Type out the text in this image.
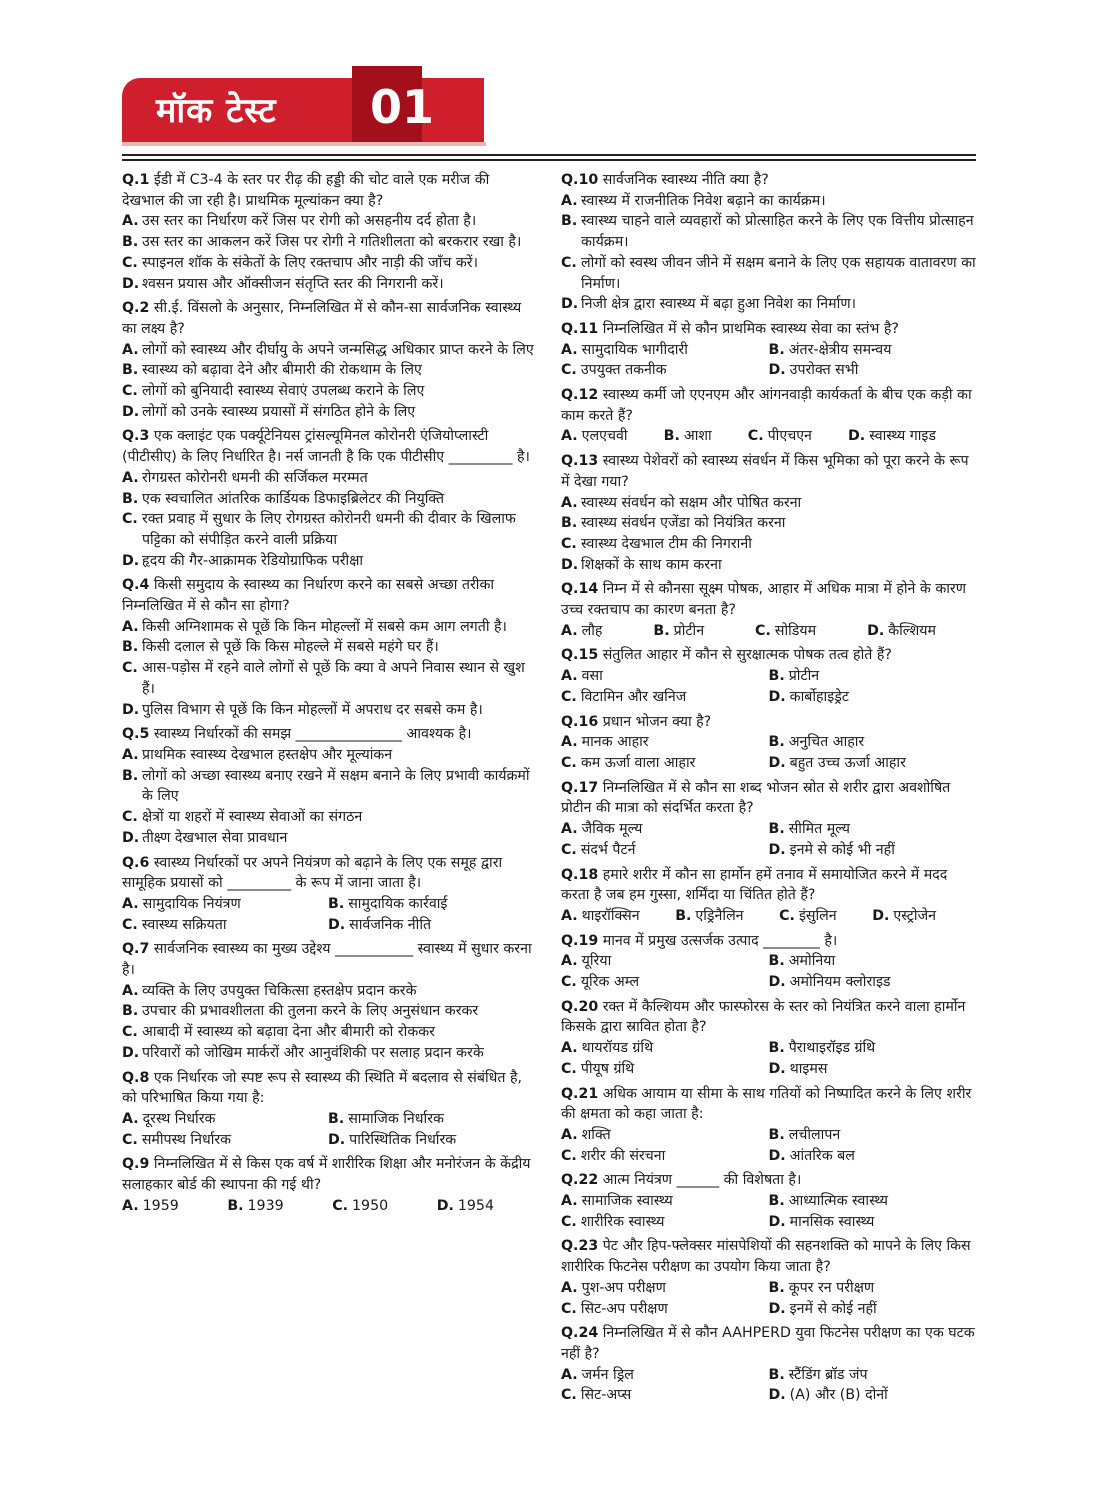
मॉक टेस्ट 01

Q.1 ईडी में C3-4 के स्तर पर रीढ़ की हड्डी की चोट वाले एक मरीज की देखभाल की जा रही है। प्राथमिक मूल्यांकन क्या है?

A. उस स्तर का निर्धारण करें जिस पर रोगी को असहनीय दर्द होता है।

B. उस स्तर का आकलन करें जिस पर रोगी ने गतिशीलता को बरकरार रखा है।

C. स्पाइनल शॉक के संकेतों के लिए रक्तचाप और नाड़ी की जाँच करें।

D. श्वसन प्रयास और ऑक्सीजन संतृप्ति स्तर की निगरानी करें।

Q.2 सी.ई. विंसलो के अनुसार, निम्नलिखित में से कौन-सा सार्वजनिक स्वास्थ्य का लक्ष्य है?

A. लोगों को स्वास्थ्य और दीर्घायु के अपने जन्मसिद्ध अधिकार प्राप्त करने के लिए

B. स्वास्थ्य को बढ़ावा देने और बीमारी की रोकथाम के लिए

C. लोगों को बुनियादी स्वास्थ्य सेवाएं उपलब्ध कराने के लिए

D. लोगों को उनके स्वास्थ्य प्रयासों में संगठित होने के लिए

Q.3 एक क्लाइंट एक पर्क्यूटेनियस ट्रांसल्यूमिनल कोरोनरी एंजियोप्लास्टी (पीटीसीए) के लिए निर्धारित है। नर्स जानती है कि एक पीटीसीए _________ है।

A. रोगग्रस्त कोरोनरी धमनी की सर्जिकल मरम्मत

B. एक स्वचालित आंतरिक कार्डियक डिफाइब्रिलेटर की नियुक्ति

C. रक्त प्रवाह में सुधार के लिए रोगग्रस्त कोरोनरी धमनी की दीवार के खिलाफ पट्टिका को संपीड़ित करने वाली प्रक्रिया

D. हृदय की गैर-आक्रामक रेडियोग्राफिक परीक्षा

Q.4 किसी समुदाय के स्वास्थ्य का निर्धारण करने का सबसे अच्छा तरीका निम्नलिखित में से कौन सा होगा?

A. किसी अग्निशामक से पूछें कि किन मोहल्लों में सबसे कम आग लगती है।

B. किसी दलाल से पूछें कि किस मोहल्ले में सबसे महंगे घर हैं।

C. आस-पड़ोस में रहने वाले लोगों से पूछें कि क्या वे अपने निवास स्थान से खुश हैं।

D. पुलिस विभाग से पूछें कि किन मोहल्लों में अपराध दर सबसे कम है।

Q.5 स्वास्थ्य निर्धारकों की समझ _______________ आवश्यक है।

A. प्राथमिक स्वास्थ्य देखभाल हस्तक्षेप और मूल्यांकन

B. लोगों को अच्छा स्वास्थ्य बनाए रखने में सक्षम बनाने के लिए प्रभावी कार्यक्रमों के लिए

C. क्षेत्रों या शहरों में स्वास्थ्य सेवाओं का संगठन

D. तीक्ष्ण देखभाल सेवा प्रावधान

Q.6 स्वास्थ्य निर्धारकों पर अपने नियंत्रण को बढ़ाने के लिए एक समूह द्वारा सामूहिक प्रयासों को _________ के रूप में जाना जाता है।

A. सामुदायिक नियंत्रण	B. सामुदायिक कार्रवाई
C. स्वास्थ्य सक्रियता	D. सार्वजनिक नीति

Q.7 सार्वजनिक स्वास्थ्य का मुख्य उद्देश्य ___________ स्वास्थ्य में सुधार करना है।

A. व्यक्ति के लिए उपयुक्त चिकित्सा हस्तक्षेप प्रदान करके

B. उपचार की प्रभावशीलता की तुलना करने के लिए अनुसंधान करकर

C. आबादी में स्वास्थ्य को बढ़ावा देना और बीमारी को रोककर

D. परिवारों को जोखिम मार्करों और आनुवंशिकी पर सलाह प्रदान करके

Q.8 एक निर्धारक जो स्पष्ट रूप से स्वास्थ्य की स्थिति में बदलाव से संबंधित है, को परिभाषित किया गया है:

A. दूरस्थ निर्धारक	B. सामाजिक निर्धारक
C. समीपस्थ निर्धारक	D. पारिस्थितिक निर्धारक

Q.9 निम्नलिखित में से किस एक वर्ष में शारीरिक शिक्षा और मनोरंजन के केंद्रीय सलाहकार बोर्ड की स्थापना की गई थी?

A. 1959	B. 1939	C. 1950	D. 1954

Q.10 सार्वजनिक स्वास्थ्य नीति क्या है?

A. स्वास्थ्य में राजनीतिक निवेश बढ़ाने का कार्यक्रम।

B. स्वास्थ्य चाहने वाले व्यवहारों को प्रोत्साहित करने के लिए एक वित्तीय प्रोत्साहन कार्यक्रम।

C. लोगों को स्वस्थ जीवन जीने में सक्षम बनाने के लिए एक सहायक वातावरण का निर्माण।

D. निजी क्षेत्र द्वारा स्वास्थ्य में बढ़ा हुआ निवेश का निर्माण।

Q.11 निम्नलिखित में से कौन प्राथमिक स्वास्थ्य सेवा का स्तंभ है?

A. सामुदायिक भागीदारी	B. अंतर-क्षेत्रीय समन्वय
C. उपयुक्त तकनीक	D. उपरोक्त सभी

Q.12 स्वास्थ्य कर्मी जो एएनएम और आंगनवाड़ी कार्यकर्ता के बीच एक कड़ी का काम करते हैं?

A. एलएचवी	B. आशा	C. पीएचएन	D. स्वास्थ्य गाइड

Q.13 स्वास्थ्य पेशेवरों को स्वास्थ्य संवर्धन में किस भूमिका को पूरा करने के रूप में देखा गया?

A. स्वास्थ्य संवर्धन को सक्षम और पोषित करना

B. स्वास्थ्य संवर्धन एजेंडा को नियंत्रित करना

C. स्वास्थ्य देखभाल टीम की निगरानी

D. शिक्षकों के साथ काम करना

Q.14 निम्न में से कौनसा सूक्ष्म पोषक, आहार में अधिक मात्रा में होने के कारण उच्च रक्तचाप का कारण बनता है?

A. लौह	B. प्रोटीन	C. सोडियम	D. कैल्शियम

Q.15 संतुलित आहार में कौन से सुरक्षात्मक पोषक तत्व होते हैं?

A. वसा	B. प्रोटीन
C. विटामिन और खनिज	D. कार्बोहाइड्रेट

Q.16 प्रधान भोजन क्या है?

A. मानक आहार	B. अनुचित आहार
C. कम ऊर्जा वाला आहार	D. बहुत उच्च ऊर्जा आहार

Q.17 निम्नलिखित में से कौन सा शब्द भोजन स्रोत से शरीर द्वारा अवशोषित प्रोटीन की मात्रा को संदर्भित करता है?

A. जैविक मूल्य	B. सीमित मूल्य
C. संदर्भ पैटर्न	D. इनमे से कोई भी नहीं

Q.18 हमारे शरीर में कौन सा हार्मोन हमें तनाव में समायोजित करने में मदद करता है जब हम गुस्सा, शर्मिंदा या चिंतित होते हैं?

A. थाइरॉक्सिन	B. एड्रिनैलिन	C. इंसुलिन	D. एस्ट्रोजेन

Q.19 मानव में प्रमुख उत्सर्जक उत्पाद ________ है।

A. यूरिया	B. अमोनिया
C. यूरिक अम्ल	D. अमोनियम क्लोराइड

Q.20 रक्त में कैल्शियम और फास्फोरस के स्तर को नियंत्रित करने वाला हार्मोन किसके द्वारा स्रावित होता है?

A. थायरॉयड ग्रंथि	B. पैराथाइरॉइड ग्रंथि
C. पीयूष ग्रंथि	D. थाइमस

Q.21 अधिक आयाम या सीमा के साथ गतियों को निष्पादित करने के लिए शरीर की क्षमता को कहा जाता है:

A. शक्ति	B. लचीलापन
C. शरीर की संरचना	D. आंतरिक बल

Q.22 आत्म नियंत्रण ______ की विशेषता है।

A. सामाजिक स्वास्थ्य	B. आध्यात्मिक स्वास्थ्य
C. शारीरिक स्वास्थ्य	D. मानसिक स्वास्थ्य

Q.23 पेट और हिप-फ्लेक्सर मांसपेशियों की सहनशक्ति को मापने के लिए किस शारीरिक फिटनेस परीक्षण का उपयोग किया जाता है?

A. पुश-अप परीक्षण	B. कूपर रन परीक्षण
C. सिट-अप परीक्षण	D. इनमें से कोई नहीं

Q.24 निम्नलिखित में से कौन AAHPERD युवा फिटनेस परीक्षण का एक घटक नहीं है?

A. जर्मन ड्रिल	B. स्टैंडिंग ब्रॉड जंप
C. सिट-अप्स	D. (A) और (B) दोनों
